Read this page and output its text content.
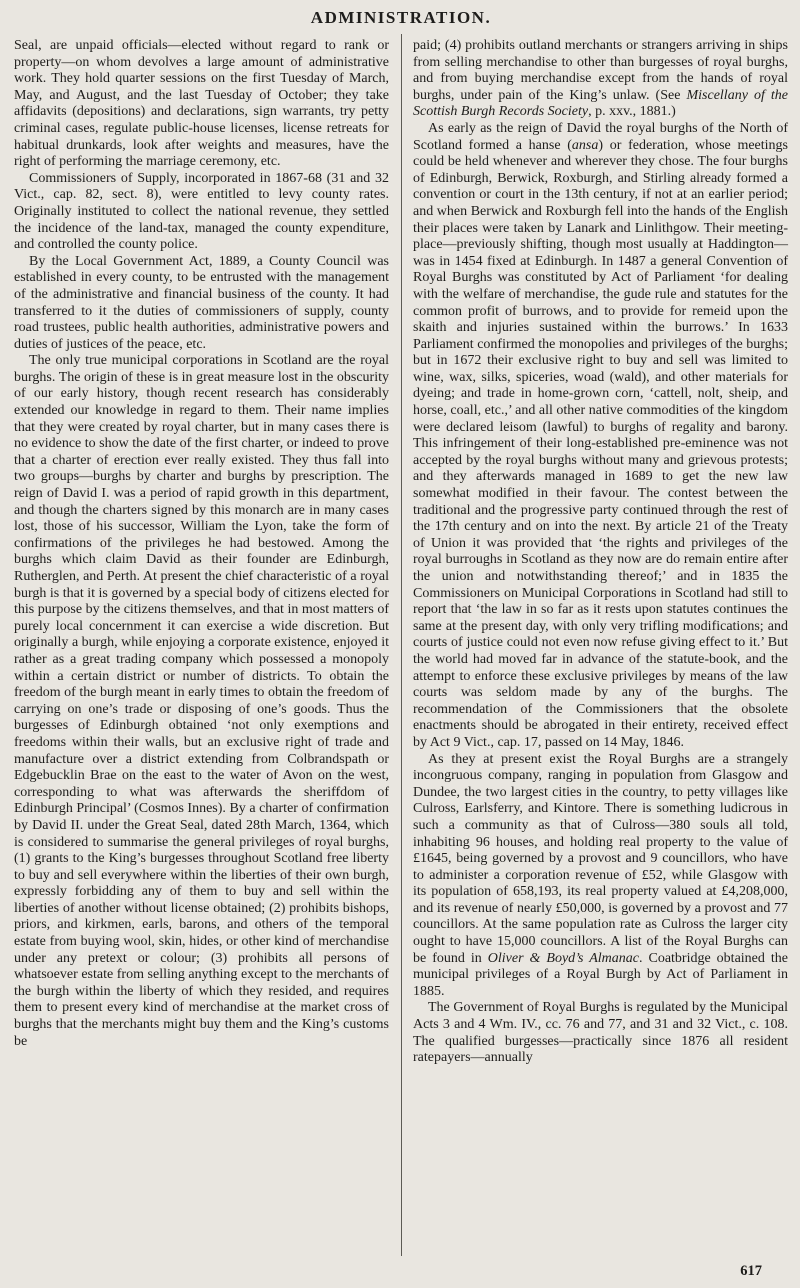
ADMINISTRATION.

Seal, are unpaid officials—elected without regard to rank or property—on whom devolves a large amount of administrative work. They hold quarter sessions on the first Tuesday of March, May, and August, and the last Tuesday of October; they take affidavits (depositions) and declarations, sign warrants, try petty criminal cases, regulate public-house licenses, license retreats for habitual drunkards, look after weights and measures, have the right of performing the marriage ceremony, etc.

Commissioners of Supply, incorporated in 1867-68 (31 and 32 Vict., cap. 82, sect. 8), were entitled to levy county rates. Originally instituted to collect the national revenue, they settled the incidence of the land-tax, managed the county expenditure, and controlled the county police.

By the Local Government Act, 1889, a County Council was established in every county, to be entrusted with the management of the administrative and financial business of the county. It had transferred to it the duties of commissioners of supply, county road trustees, public health authorities, administrative powers and duties of justices of the peace, etc.

The only true municipal corporations in Scotland are the royal burghs. The origin of these is in great measure lost in the obscurity of our early history, though recent research has considerably extended our knowledge in regard to them. Their name implies that they were created by royal charter, but in many cases there is no evidence to show the date of the first charter, or indeed to prove that a charter of erection ever really existed. They thus fall into two groups—burghs by charter and burghs by prescription. The reign of David I. was a period of rapid growth in this department, and though the charters signed by this monarch are in many cases lost, those of his successor, William the Lyon, take the form of confirmations of the privileges he had bestowed. Among the burghs which claim David as their founder are Edinburgh, Rutherglen, and Perth. At present the chief characteristic of a royal burgh is that it is governed by a special body of citizens elected for this purpose by the citizens themselves, and that in most matters of purely local concernment it can exercise a wide discretion. But originally a burgh, while enjoying a corporate existence, enjoyed it rather as a great trading company which possessed a monopoly within a certain district or number of districts. To obtain the freedom of the burgh meant in early times to obtain the freedom of carrying on one’s trade or disposing of one’s goods. Thus the burgesses of Edinburgh obtained ‘not only exemptions and freedoms within their walls, but an exclusive right of trade and manufacture over a district extending from Colbrandspath or Edgebucklin Brae on the east to the water of Avon on the west, corresponding to what was afterwards the sheriffdom of Edinburgh Principal’ (Cosmos Innes). By a charter of confirmation by David II. under the Great Seal, dated 28th March, 1364, which is considered to summarise the general privileges of royal burghs, (1) grants to the King’s burgesses throughout Scotland free liberty to buy and sell everywhere within the liberties of their own burgh, expressly forbidding any of them to buy and sell within the liberties of another without license obtained; (2) prohibits bishops, priors, and kirkmen, earls, barons, and others of the temporal estate from buying wool, skin, hides, or other kind of merchandise under any pretext or colour; (3) prohibits all persons of whatsoever estate from selling anything except to the merchants of the burgh within the liberty of which they resided, and requires them to present every kind of merchandise at the market cross of burghs that the merchants might buy them and the King’s customs be

paid; (4) prohibits outland merchants or strangers arriving in ships from selling merchandise to other than burgesses of royal burghs, and from buying merchandise except from the hands of royal burghs, under pain of the King’s unlaw. (See Miscellany of the Scottish Burgh Records Society, p. xxv., 1881.)

As early as the reign of David the royal burghs of the North of Scotland formed a hanse (ansa) or federation, whose meetings could be held whenever and wherever they chose. The four burghs of Edinburgh, Berwick, Roxburgh, and Stirling already formed a convention or court in the 13th century, if not at an earlier period; and when Berwick and Roxburgh fell into the hands of the English their places were taken by Lanark and Linlithgow. Their meeting-place—previously shifting, though most usually at Haddington—was in 1454 fixed at Edinburgh. In 1487 a general Convention of Royal Burghs was constituted by Act of Parliament ‘for dealing with the welfare of merchandise, the gude rule and statutes for the common profit of burrows, and to provide for remeid upon the skaith and injuries sustained within the burrows.’ In 1633 Parliament confirmed the monopolies and privileges of the burghs; but in 1672 their exclusive right to buy and sell was limited to wine, wax, silks, spiceries, woad (wald), and other materials for dyeing; and trade in home-grown corn, ‘cattell, nolt, sheip, and horse, coall, etc.,’ and all other native commodities of the kingdom were declared leisom (lawful) to burghs of regality and barony. This infringement of their long-established pre-eminence was not accepted by the royal burghs without many and grievous protests; and they afterwards managed in 1689 to get the new law somewhat modified in their favour. The contest between the traditional and the progressive party continued through the rest of the 17th century and on into the next. By article 21 of the Treaty of Union it was provided that ‘the rights and privileges of the royal burroughs in Scotland as they now are do remain entire after the union and notwithstanding thereof;’ and in 1835 the Commissioners on Municipal Corporations in Scotland had still to report that ‘the law in so far as it rests upon statutes continues the same at the present day, with only very trifling modifications; and courts of justice could not even now refuse giving effect to it.’ But the world had moved far in advance of the statute-book, and the attempt to enforce these exclusive privileges by means of the law courts was seldom made by any of the burghs. The recommendation of the Commissioners that the obsolete enactments should be abrogated in their entirety, received effect by Act 9 Vict., cap. 17, passed on 14 May, 1846.

As they at present exist the Royal Burghs are a strangely incongruous company, ranging in population from Glasgow and Dundee, the two largest cities in the country, to petty villages like Culross, Earlsferry, and Kintore. There is something ludicrous in such a community as that of Culross—380 souls all told, inhabiting 96 houses, and holding real property to the value of £1645, being governed by a provost and 9 councillors, who have to administer a corporation revenue of £52, while Glasgow with its population of 658,193, its real property valued at £4,208,000, and its revenue of nearly £50,000, is governed by a provost and 77 councillors. At the same population rate as Culross the larger city ought to have 15,000 councillors. A list of the Royal Burghs can be found in Oliver & Boyd’s Almanac. Coatbridge obtained the municipal privileges of a Royal Burgh by Act of Parliament in 1885.

The Government of Royal Burghs is regulated by the Municipal Acts 3 and 4 Wm. IV., cc. 76 and 77, and 31 and 32 Vict., c. 108. The qualified burgesses—practically since 1876 all resident ratepayers—annually

617
